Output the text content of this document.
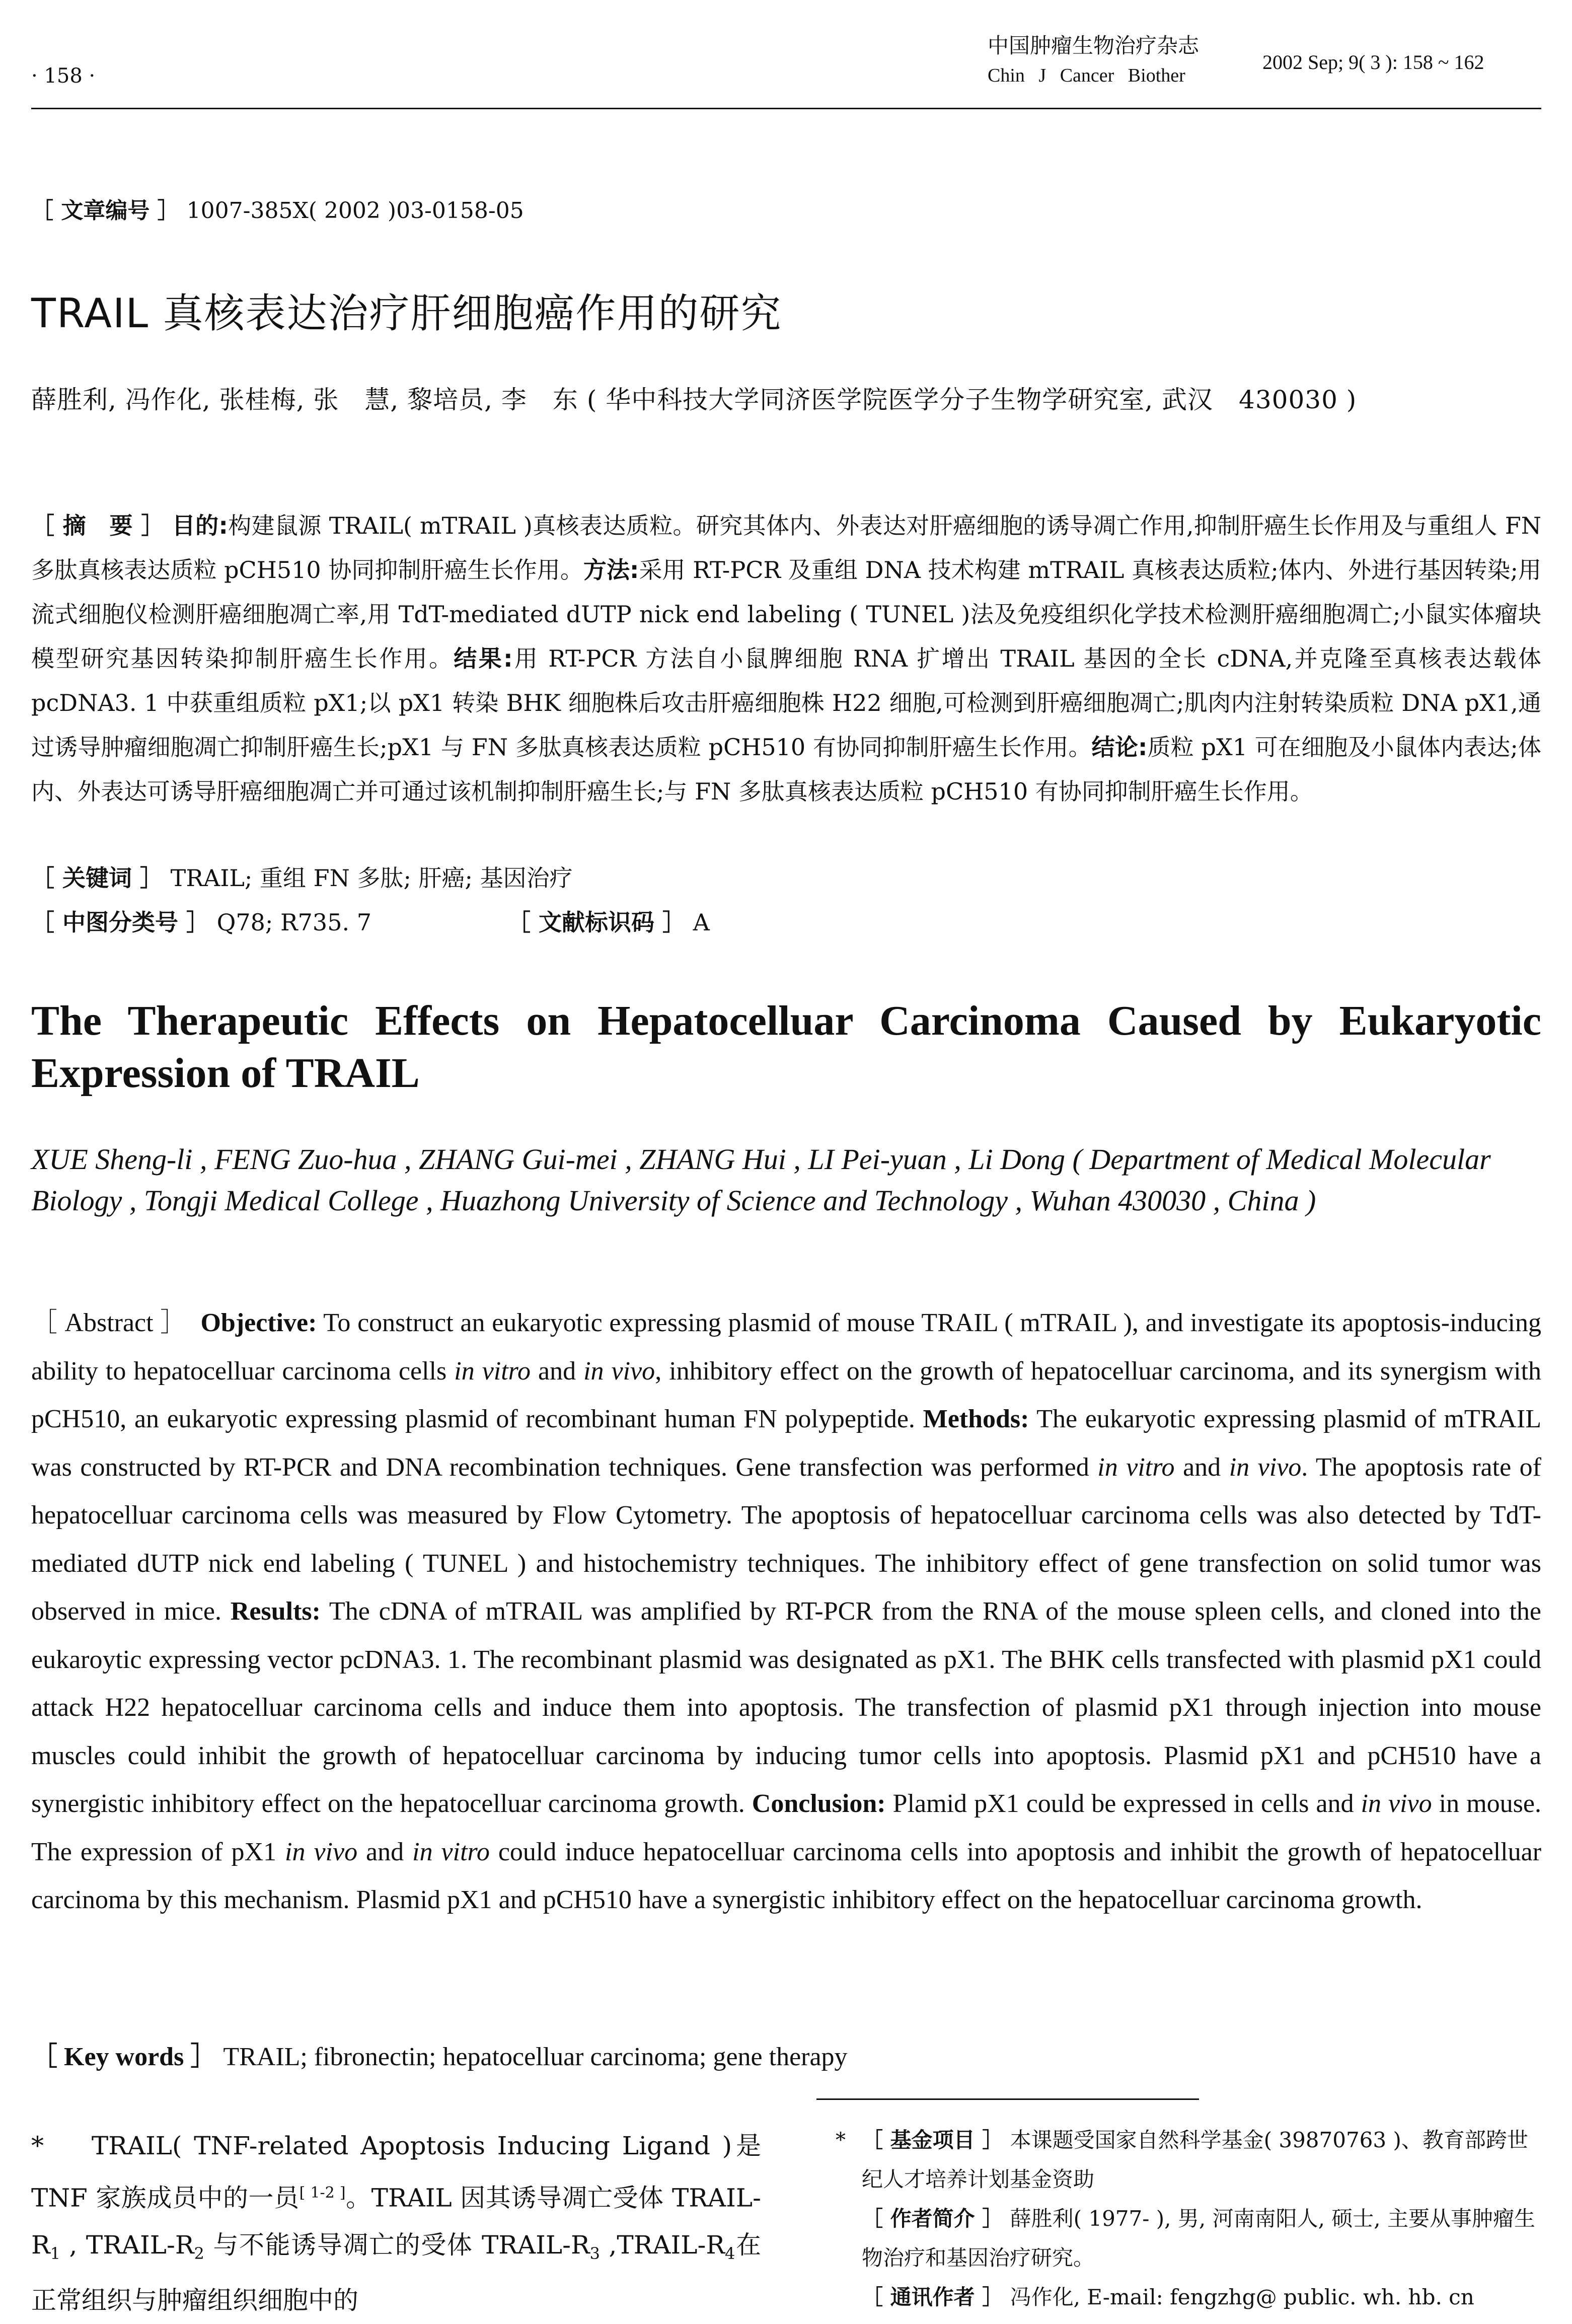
· 158 ·
中国肿瘤生物治疗杂志
Chin J Cancer Biother
2002 Sep; 9( 3 ): 158 ~ 162
［ 文章编号 ］ 1007-385X( 2002 )03-0158-05
TRAIL 真核表达治疗肝细胞癌作用的研究
薛胜利, 冯作化, 张桂梅, 张　慧, 黎培员, 李　东 ( 华中科技大学同济医学院医学分子生物学研究室, 武汉　430030 )
［ 摘　要 ］ 目的:构建鼠源 TRAIL( mTRAIL )真核表达质粒。研究其体内、外表达对肝癌细胞的诱导凋亡作用,抑制肝癌生长作用及与重组人 FN 多肽真核表达质粒 pCH510 协同抑制肝癌生长作用。方法:采用 RT-PCR 及重组 DNA 技术构建 mTRAIL 真核表达质粒;体内、外进行基因转染;用流式细胞仪检测肝癌细胞凋亡率,用 TdT-mediated dUTP nick end labeling ( TUNEL )法及免疫组织化学技术检测肝癌细胞凋亡;小鼠实体瘤块模型研究基因转染抑制肝癌生长作用。结果:用 RT-PCR 方法自小鼠脾细胞 RNA 扩增出 TRAIL 基因的全长 cDNA,并克隆至真核表达载体 pcDNA3. 1 中获重组质粒 pX1;以 pX1 转染 BHK 细胞株后攻击肝癌细胞株 H22 细胞,可检测到肝癌细胞凋亡;肌肉内注射转染质粒 DNA pX1,通过诱导肿瘤细胞凋亡抑制肝癌生长;pX1 与 FN 多肽真核表达质粒 pCH510 有协同抑制肝癌生长作用。结论:质粒 pX1 可在细胞及小鼠体内表达;体内、外表达可诱导肝癌细胞凋亡并可通过该机制抑制肝癌生长;与 FN 多肽真核表达质粒 pCH510 有协同抑制肝癌生长作用。
［ 关键词 ］ TRAIL; 重组 FN 多肽; 肝癌; 基因治疗
［ 中图分类号 ］ Q78; R735. 7	［ 文献标识码 ］ A
The Therapeutic Effects on Hepatocelluar Carcinoma Caused by Eukaryotic Expression of TRAIL
XUE Sheng-li , FENG Zuo-hua , ZHANG Gui-mei , ZHANG Hui , LI Pei-yuan , Li Dong ( Department of Medical Molecular Biology , Tongji Medical College , Huazhong University of Science and Technology , Wuhan 430030 , China )
［ Abstract ］ Objective: To construct an eukaryotic expressing plasmid of mouse TRAIL ( mTRAIL ), and investigate its apoptosis-inducing ability to hepatocelluar carcinoma cells in vitro and in vivo, inhibitory effect on the growth of hepatocelluar carcinoma, and its synergism with pCH510, an eukaryotic expressing plasmid of recombinant human FN polypeptide. Methods: The eukaryotic expressing plasmid of mTRAIL was constructed by RT-PCR and DNA recombination techniques. Gene transfection was performed in vitro and in vivo. The apoptosis rate of hepatocelluar carcinoma cells was measured by Flow Cytometry. The apoptosis of hepatocelluar carcinoma cells was also detected by TdT-mediated dUTP nick end labeling ( TUNEL ) and histochemistry techniques. The inhibitory effect of gene transfection on solid tumor was observed in mice. Results: The cDNA of mTRAIL was amplified by RT-PCR from the RNA of the mouse spleen cells, and cloned into the eukaroytic expressing vector pcDNA3. 1. The recombinant plasmid was designated as pX1. The BHK cells transfected with plasmid pX1 could attack H22 hepatocelluar carcinoma cells and induce them into apoptosis. The transfection of plasmid pX1 through injection into mouse muscles could inhibit the growth of hepatocelluar carcinoma by inducing tumor cells into apoptosis. Plasmid pX1 and pCH510 have a synergistic inhibitory effect on the hepatocelluar carcinoma growth. Conclusion: Plamid pX1 could be expressed in cells and in vivo in mouse. The expression of pX1 in vivo and in vitro could induce hepatocelluar carcinoma cells into apoptosis and inhibit the growth of hepatocelluar carcinoma by this mechanism. Plasmid pX1 and pCH510 have a synergistic inhibitory effect on the hepatocelluar carcinoma growth.
［ Key words ］ TRAIL; fibronectin; hepatocelluar carcinoma; gene therapy
* TRAIL( TNF-related Apoptosis Inducing Ligand )是 TNF 家族成员中的一员[ 1-2 ]。TRAIL 因其诱导凋亡受体 TRAIL-$R_1$ , TRAIL-$R_2$ 与不能诱导凋亡的受体 TRAIL-$R_3$ $,TRAIL-R_4$在正常组织与肿瘤组织细胞中的
* ［ 基金项目 ］ 本课题受国家自然科学基金( 39870763 )、教育部跨世纪人才培养计划基金资助
［ 作者简介 ］ 薛胜利( 1977- ), 男, 河南南阳人, 硕士, 主要从事肿瘤生物治疗和基因治疗研究。
［ 通讯作者 ］ 冯作化, E-mail: fengzhg@ public. wh. hb. cn
